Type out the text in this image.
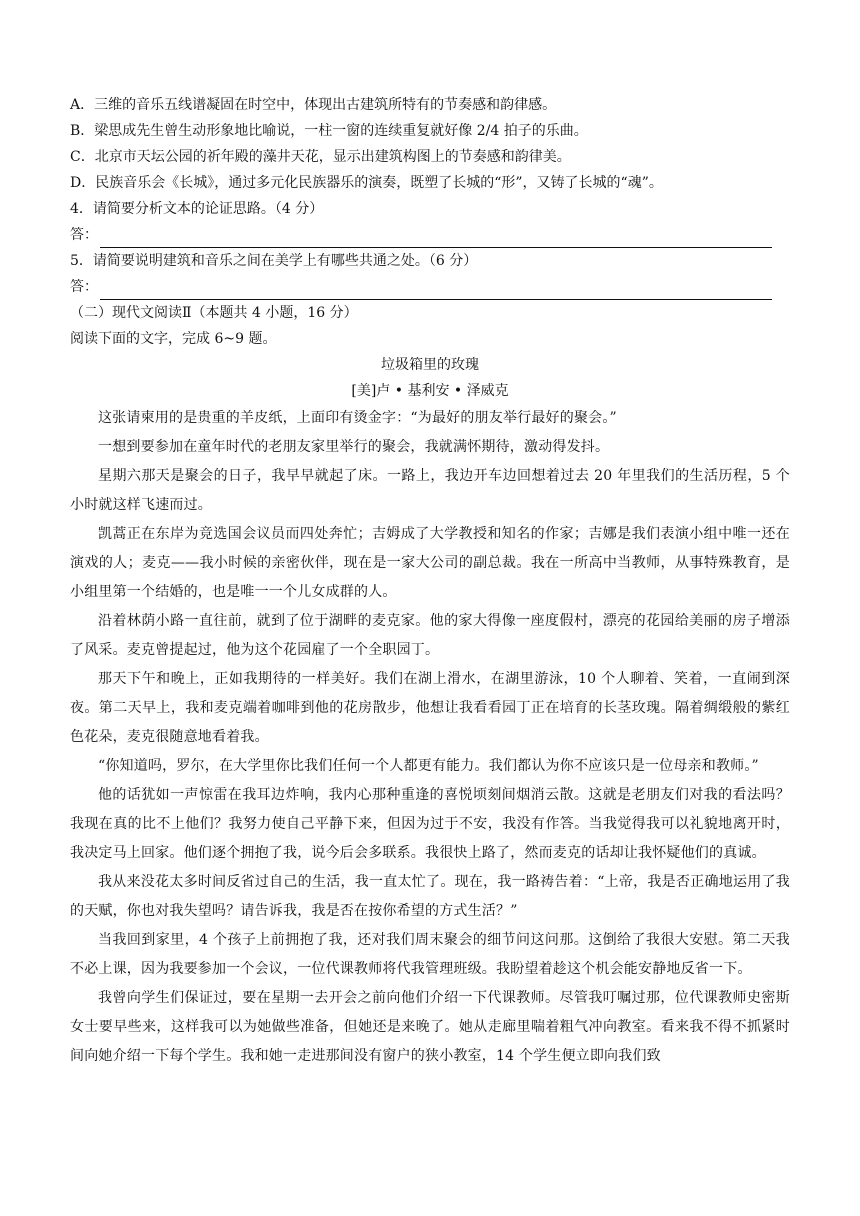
A．三维的音乐五线谱凝固在时空中，体现出古建筑所特有的节奏感和韵律感。
B．梁思成先生曾生动形象地比喻说，一柱一窗的连续重复就好像 2/4 拍子的乐曲。
C．北京市天坛公园的祈年殿的藻井天花，显示出建筑构图上的节奏感和韵律美。
D．民族音乐会《长城》，通过多元化民族器乐的演奏，既塑了长城的“形”，又铸了长城的“魂”。
4．请简要分析文本的论证思路。（4 分）
答：
5．请简要说明建筑和音乐之间在美学上有哪些共通之处。（6 分）
答：
（二）现代文阅读Ⅱ（本题共 4 小题，16 分）
阅读下面的文字，完成 6~9 题。
垃圾箱里的玫瑰
[美]卢 • 基利安 • 泽威克
这张请柬用的是贵重的羊皮纸，上面印有烫金字：“为最好的朋友举行最好的聚会。”
一想到要参加在童年时代的老朋友家里举行的聚会，我就满怀期待，激动得发抖。
星期六那天是聚会的日子，我早早就起了床。一路上，我边开车边回想着过去 20 年里我们的生活历程，5 个小时就这样飞速而过。
凯蒿正在东岸为竞选国会议员而四处奔忙；吉姆成了大学教授和知名的作家；吉娜是我们表演小组中唯一还在演戏的人；麦克——我小时候的亲密伙伴，现在是一家大公司的副总裁。我在一所高中当教师，从事特殊教育，是小组里第一个结婚的，也是唯一一个儿女成群的人。
沿着林荫小路一直往前，就到了位于湖畔的麦克家。他的家大得像一座度假村，漂亮的花园给美丽的房子增添了风采。麦克曾提起过，他为这个花园雇了一个全职园丁。
那天下午和晚上，正如我期待的一样美好。我们在湖上滑水，在湖里游泳，10 个人聊着、笑着，一直闹到深夜。第二天早上，我和麦克端着咖啡到他的花房散步，他想让我看看园丁正在培育的长茎玫瑰。隔着绸缎般的紫红色花朵，麦克很随意地看着我。
“你知道吗，罗尔，在大学里你比我们任何一个人都更有能力。我们都认为你不应该只是一位母亲和教师。”
他的话犹如一声惊雷在我耳边炸响，我内心那种重逢的喜悦顷刻间烟消云散。这就是老朋友们对我的看法吗？我现在真的比不上他们？我努力使自己平静下来，但因为过于不安，我没有作答。当我觉得我可以礼貌地离开时，我决定马上回家。他们逐个拥抱了我，说今后会多联系。我很快上路了，然而麦克的话却让我怀疑他们的真诚。
我从来没花太多时间反省过自己的生活，我一直太忙了。现在，我一路祷告着：“上帝，我是否正确地运用了我的天赋，你也对我失望吗？请告诉我，我是否在按你希望的方式生活？”
当我回到家里，4 个孩子上前拥抱了我，还对我们周末聚会的细节问这问那。这倒给了我很大安慰。第二天我不必上课，因为我要参加一个会议，一位代课教师将代我管理班级。我盼望着趁这个机会能安静地反省一下。
我曾向学生们保证过，要在星期一去开会之前向他们介绍一下代课教师。尽管我叮嘱过那，位代课教师史密斯女士要早些来，这样我可以为她做些准备，但她还是来晚了。她从走廊里喘着粗气冲向教室。看来我不得不抓紧时间向她介绍一下每个学生。我和她一走进那间没有窗户的狭小教室，14 个学生便立即向我们致
